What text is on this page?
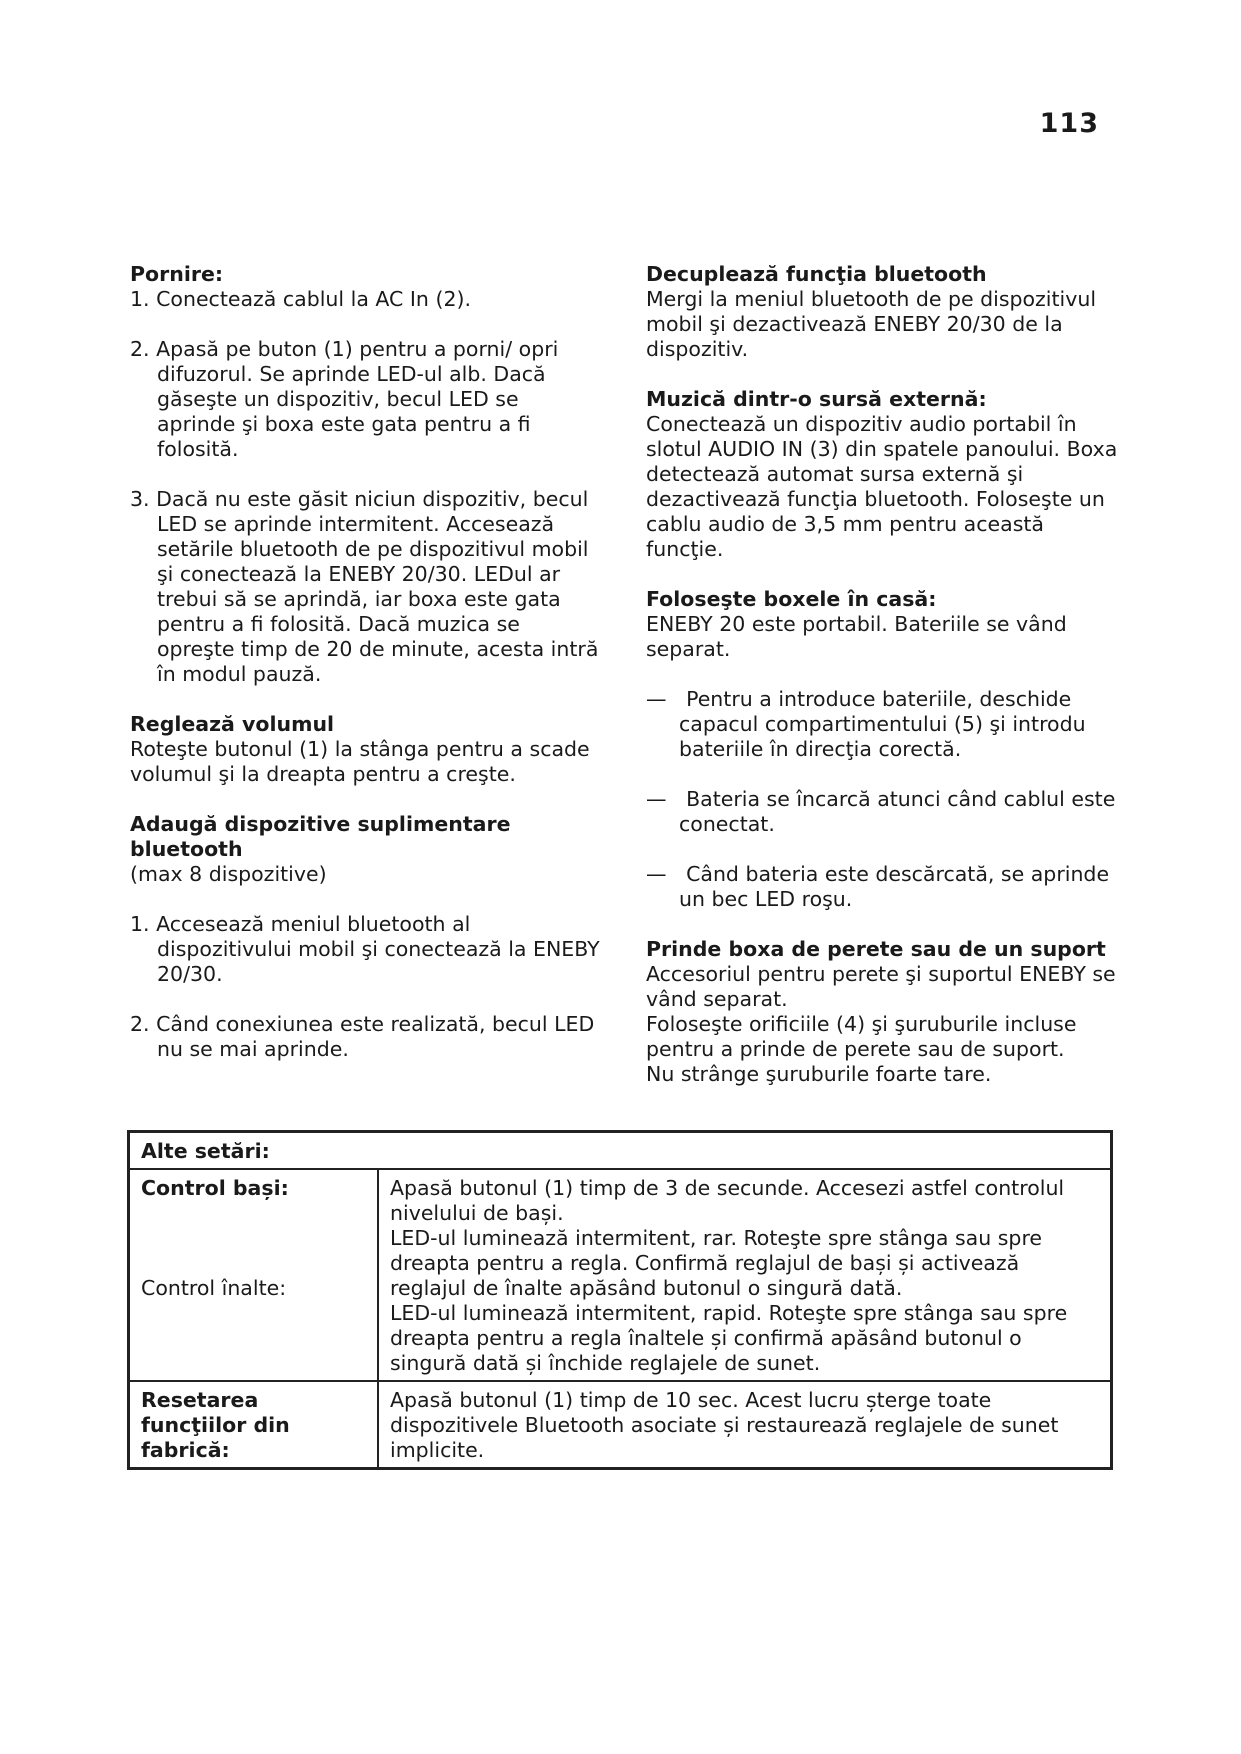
113
Pornire:

1. Conectează cablul la AC In (2).

2. Apasă pe buton (1) pentru a porni/ opri difuzorul. Se aprinde LED-ul alb. Dacă găseşte un dispozitiv, becul LED se aprinde şi boxa este gata pentru a fi folosită.

3. Dacă nu este găsit niciun dispozitiv, becul LED se aprinde intermitent. Accesează setările bluetooth de pe dispozitivul mobil şi conectează la ENEBY 20/30. LEDul ar trebui să se aprindă, iar boxa este gata pentru a fi folosită. Dacă muzica se opreşte timp de 20 de minute, acesta intră în modul pauză.

Reglează volumul

Roteşte butonul (1) la stânga pentru a scade volumul şi la dreapta pentru a creşte.

Adaugă dispozitive suplimentare bluetooth

(max 8 dispozitive)

1. Accesează meniul bluetooth al dispozitivului mobil şi conectează la ENEBY 20/30.

2. Când conexiunea este realizată, becul LED nu se mai aprinde.

Decuplează funcţia bluetooth

Mergi la meniul bluetooth de pe dispozitivul mobil şi dezactivează ENEBY 20/30 de la dispozitiv.

Muzică dintr-o sursă externă:

Conectează un dispozitiv audio portabil în slotul AUDIO IN (3) din spatele panoului. Boxa detectează automat sursa externă şi dezactivează funcţia bluetooth. Foloseşte un cablu audio de 3,5 mm pentru această funcţie.

Foloseşte boxele în casă:

ENEBY 20 este portabil. Bateriile se vând separat.

—   Pentru a introduce bateriile, deschide capacul compartimentului (5) şi introdu bateriile în direcţia corectă.

—   Bateria se încarcă atunci când cablul este conectat.

—   Când bateria este descărcată, se aprinde un bec LED roşu.

Prinde boxa de perete sau de un suport
Accesoriul pentru perete şi suportul ENEBY se vând separat.
Foloseşte orificiile (4) şi şuruburile incluse pentru a prinde de perete sau de suport.
Nu strânge şuruburile foarte tare.
Alte setări:	

Control bași:
Control înalte:	Apasă butonul (1) timp de 3 de secunde. Accesezi astfel controlul nivelului de bași.
LED-ul luminează intermitent, rar. Roteşte spre stânga sau spre dreapta pentru a regla. Confirmă reglajul de bași și activează reglajul de înalte apăsând butonul o singură dată.
LED-ul luminează intermitent, rapid. Roteşte spre stânga sau spre dreapta pentru a regla înaltele și confirmă apăsând butonul o singură dată și închide reglajele de sunet.

Resetarea funcţiilor din fabrică:	Apasă butonul (1) timp de 10 sec. Acest lucru șterge toate dispozitivele Bluetooth asociate și restaurează reglajele de sunet implicite.
